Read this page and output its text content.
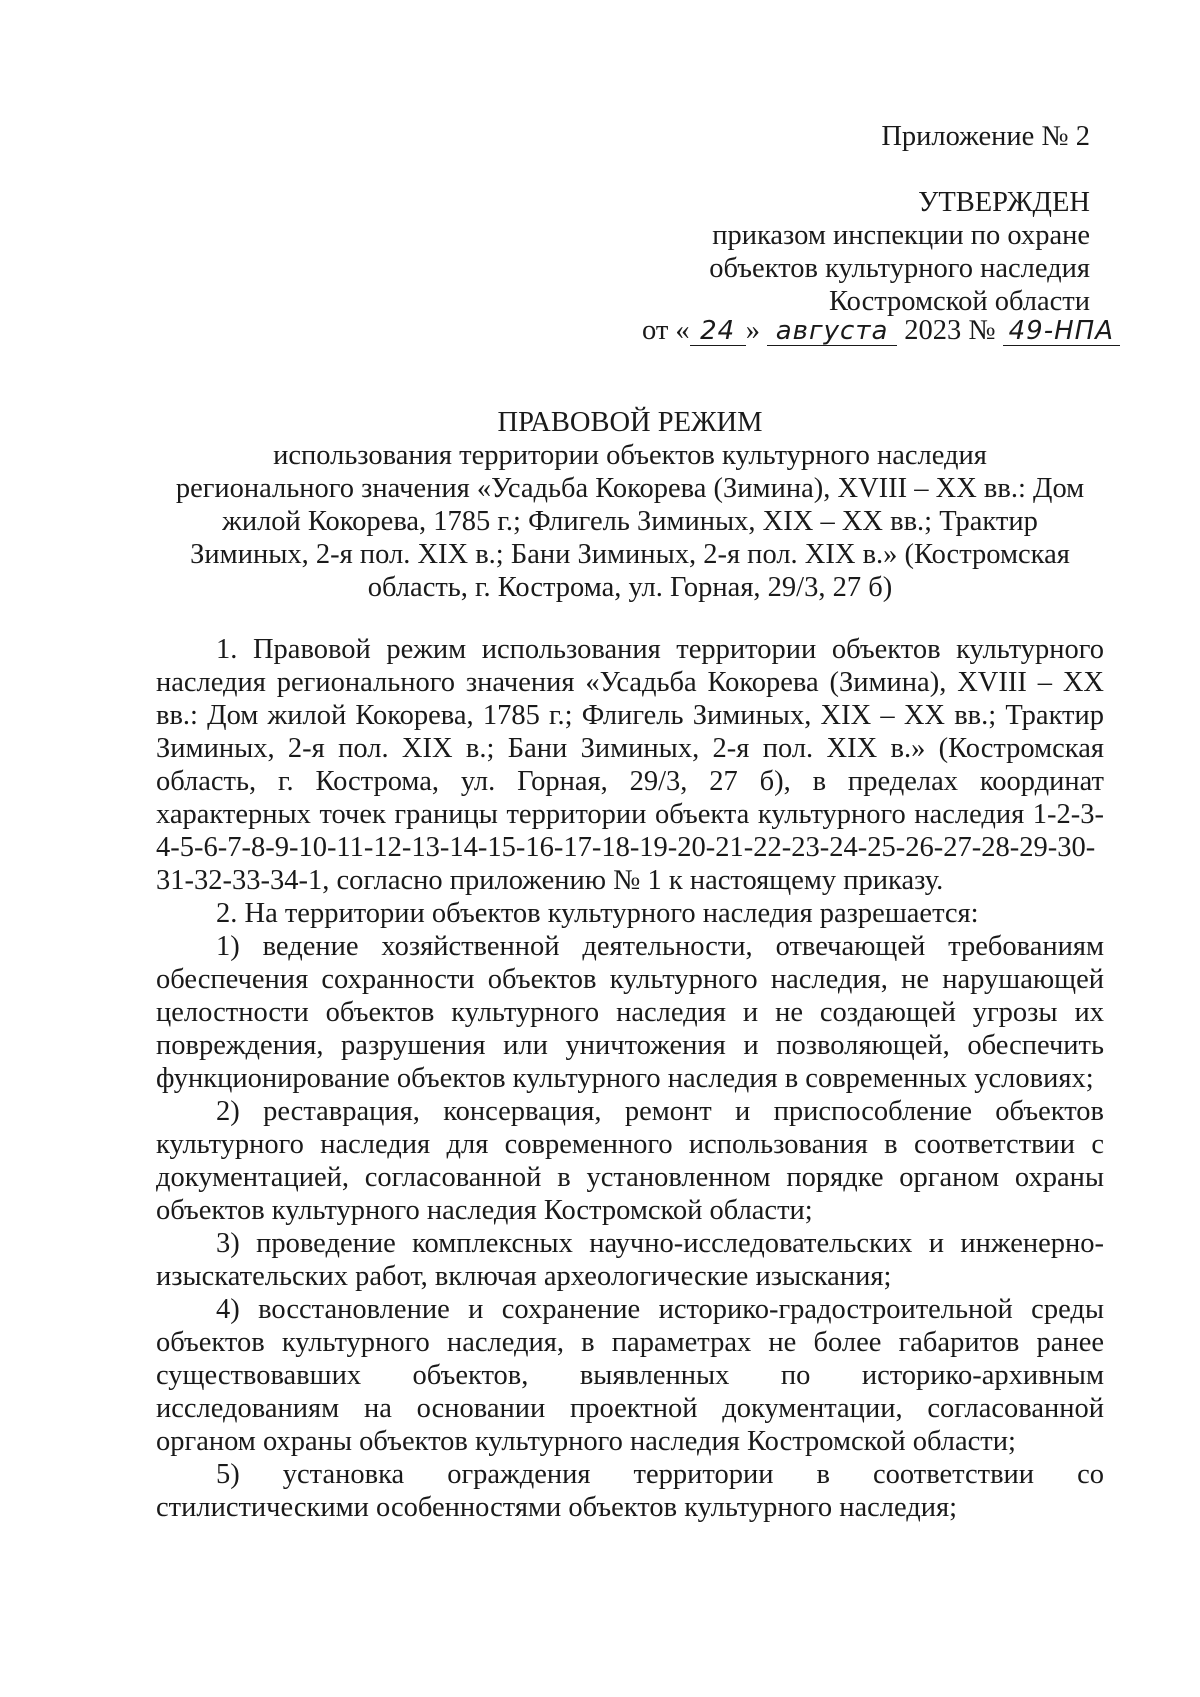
Приложение № 2
УТВЕРЖДЕН
приказом инспекции по охране
объектов культурного наследия
Костромской области
от « 24 » августа 2023 № 49-НПА
ПРАВОВОЙ РЕЖИМ
использования территории объектов культурного наследия
регионального значения «Усадьба Кокорева (Зимина), XVIII – XX вв.: Дом
жилой Кокорева, 1785 г.; Флигель Зиминых, XIX – XX вв.; Трактир
Зиминых, 2-я пол. XIX в.; Бани Зиминых, 2-я пол. XIX в.» (Костромская
область, г. Кострома, ул. Горная, 29/3, 27 б)

1. Правовой режим использования территории объектов культурного наследия регионального значения «Усадьба Кокорева (Зимина), XVIII – XX вв.: Дом жилой Кокорева, 1785 г.; Флигель Зиминых, XIX – XX вв.; Трактир Зиминых, 2-я пол. XIX в.; Бани Зиминых, 2-я пол. XIX в.» (Костромская область, г. Кострома, ул. Горная, 29/3, 27 б), в пределах координат характерных точек границы территории объекта культурного наследия 1-2-3-4-5-6-7-8-9-10-11-12-13-14-15-16-17-18-19-20-21-22-23-24-25-26-27-28-29-30-31-32-33-34-1, согласно приложению № 1 к настоящему приказу.

2. На территории объектов культурного наследия разрешается:

1) ведение хозяйственной деятельности, отвечающей требованиям обеспечения сохранности объектов культурного наследия, не нарушающей целостности объектов культурного наследия и не создающей угрозы их повреждения, разрушения или уничтожения и позволяющей, обеспечить функционирование объектов культурного наследия в современных условиях;

2) реставрация, консервация, ремонт и приспособление объектов культурного наследия для современного использования в соответствии с документацией, согласованной в установленном порядке органом охраны объектов культурного наследия Костромской области;

3) проведение комплексных научно-исследовательских и инженерно-изыскательских работ, включая археологические изыскания;

4) восстановление и сохранение историко-градостроительной среды объектов культурного наследия, в параметрах не более габаритов ранее существовавших объектов, выявленных по историко-архивным исследованиям на основании проектной документации, согласованной органом охраны объектов культурного наследия Костромской области;

5) установка ограждения территории в соответствии со стилистическими особенностями объектов культурного наследия;
